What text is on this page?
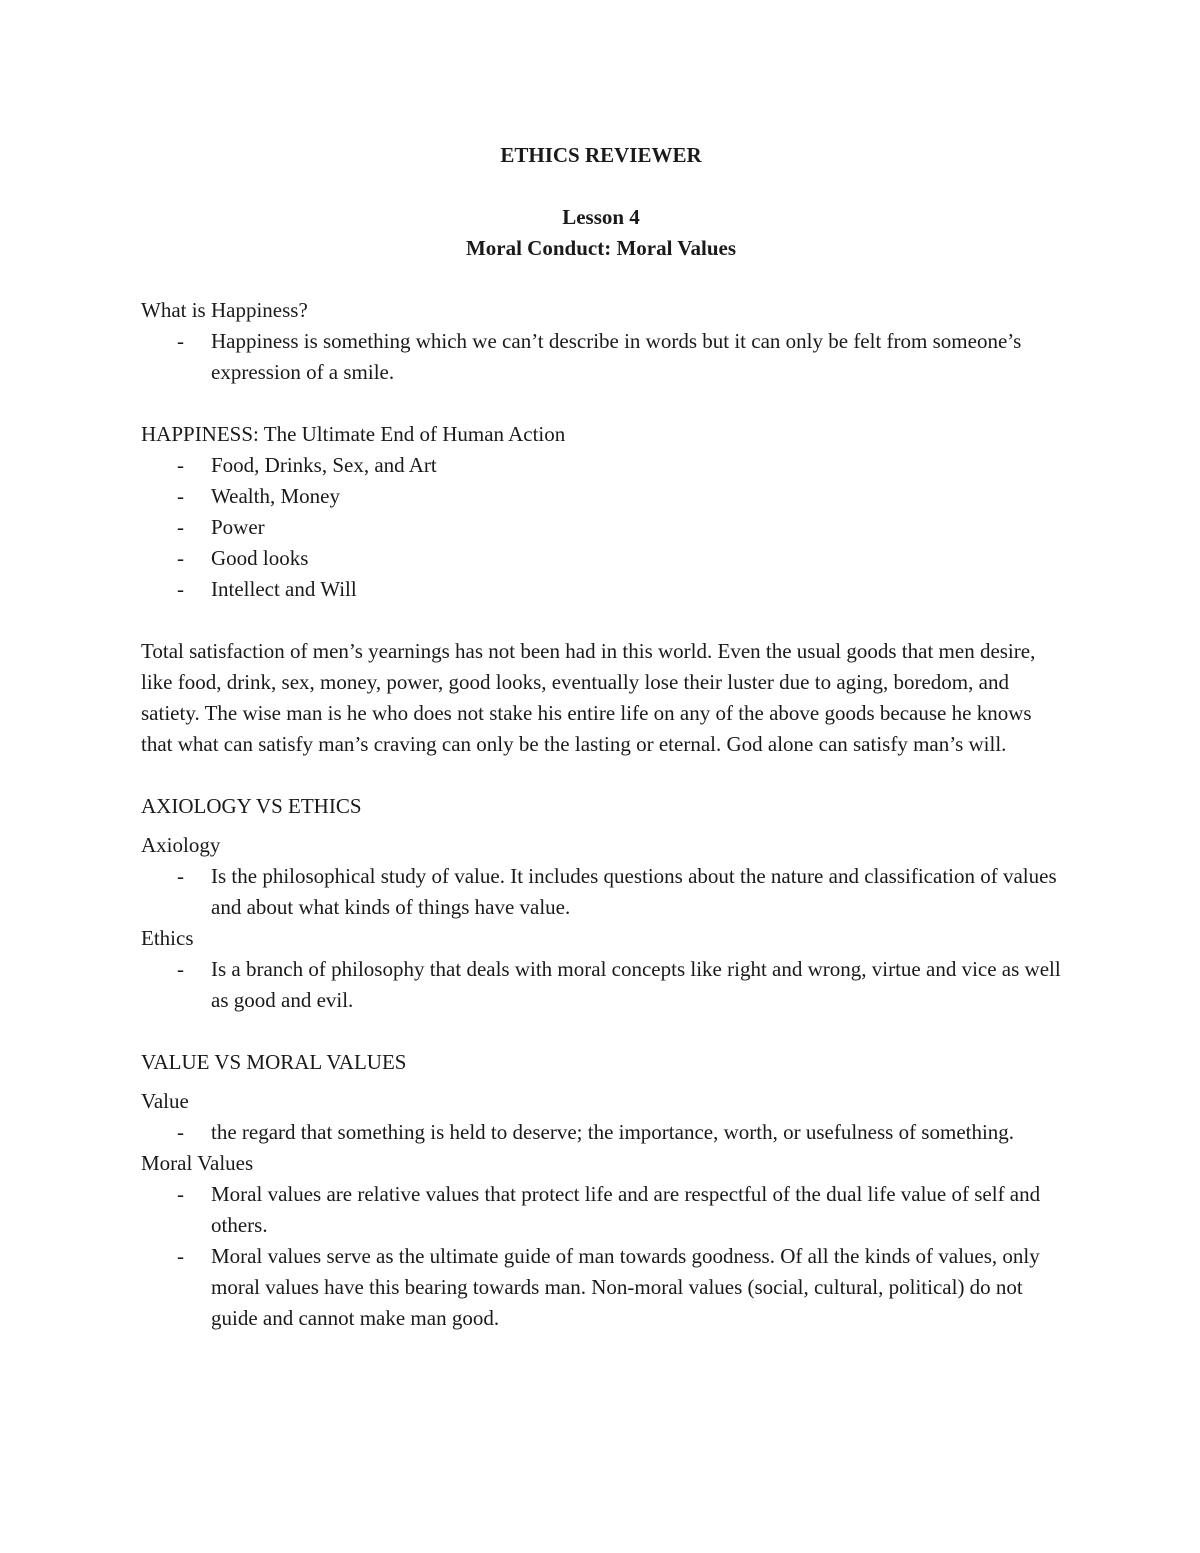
ETHICS REVIEWER
Lesson 4
Moral Conduct: Moral Values
What is Happiness?
- Happiness is something which we can’t describe in words but it can only be felt from someone’s expression of a smile.
HAPPINESS: The Ultimate End of Human Action
- Food, Drinks, Sex, and Art
- Wealth, Money
- Power
- Good looks
- Intellect and Will

Total satisfaction of men’s yearnings has not been had in this world. Even the usual goods that men desire, like food, drink, sex, money, power, good looks, eventually lose their luster due to aging, boredom, and satiety. The wise man is he who does not stake his entire life on any of the above goods because he knows that what can satisfy man’s craving can only be the lasting or eternal. God alone can satisfy man’s will.

AXIOLOGY VS ETHICS
Axiology
- Is the philosophical study of value. It includes questions about the nature and classification of values and about what kinds of things have value.
Ethics
- Is a branch of philosophy that deals with moral concepts like right and wrong, virtue and vice as well as good and evil.
VALUE VS MORAL VALUES
Value
- the regard that something is held to deserve; the importance, worth, or usefulness of something.
Moral Values
- Moral values are relative values that protect life and are respectful of the dual life value of self and others.
- Moral values serve as the ultimate guide of man towards goodness. Of all the kinds of values, only moral values have this bearing towards man. Non-moral values (social, cultural, political) do not guide and cannot make man good.
